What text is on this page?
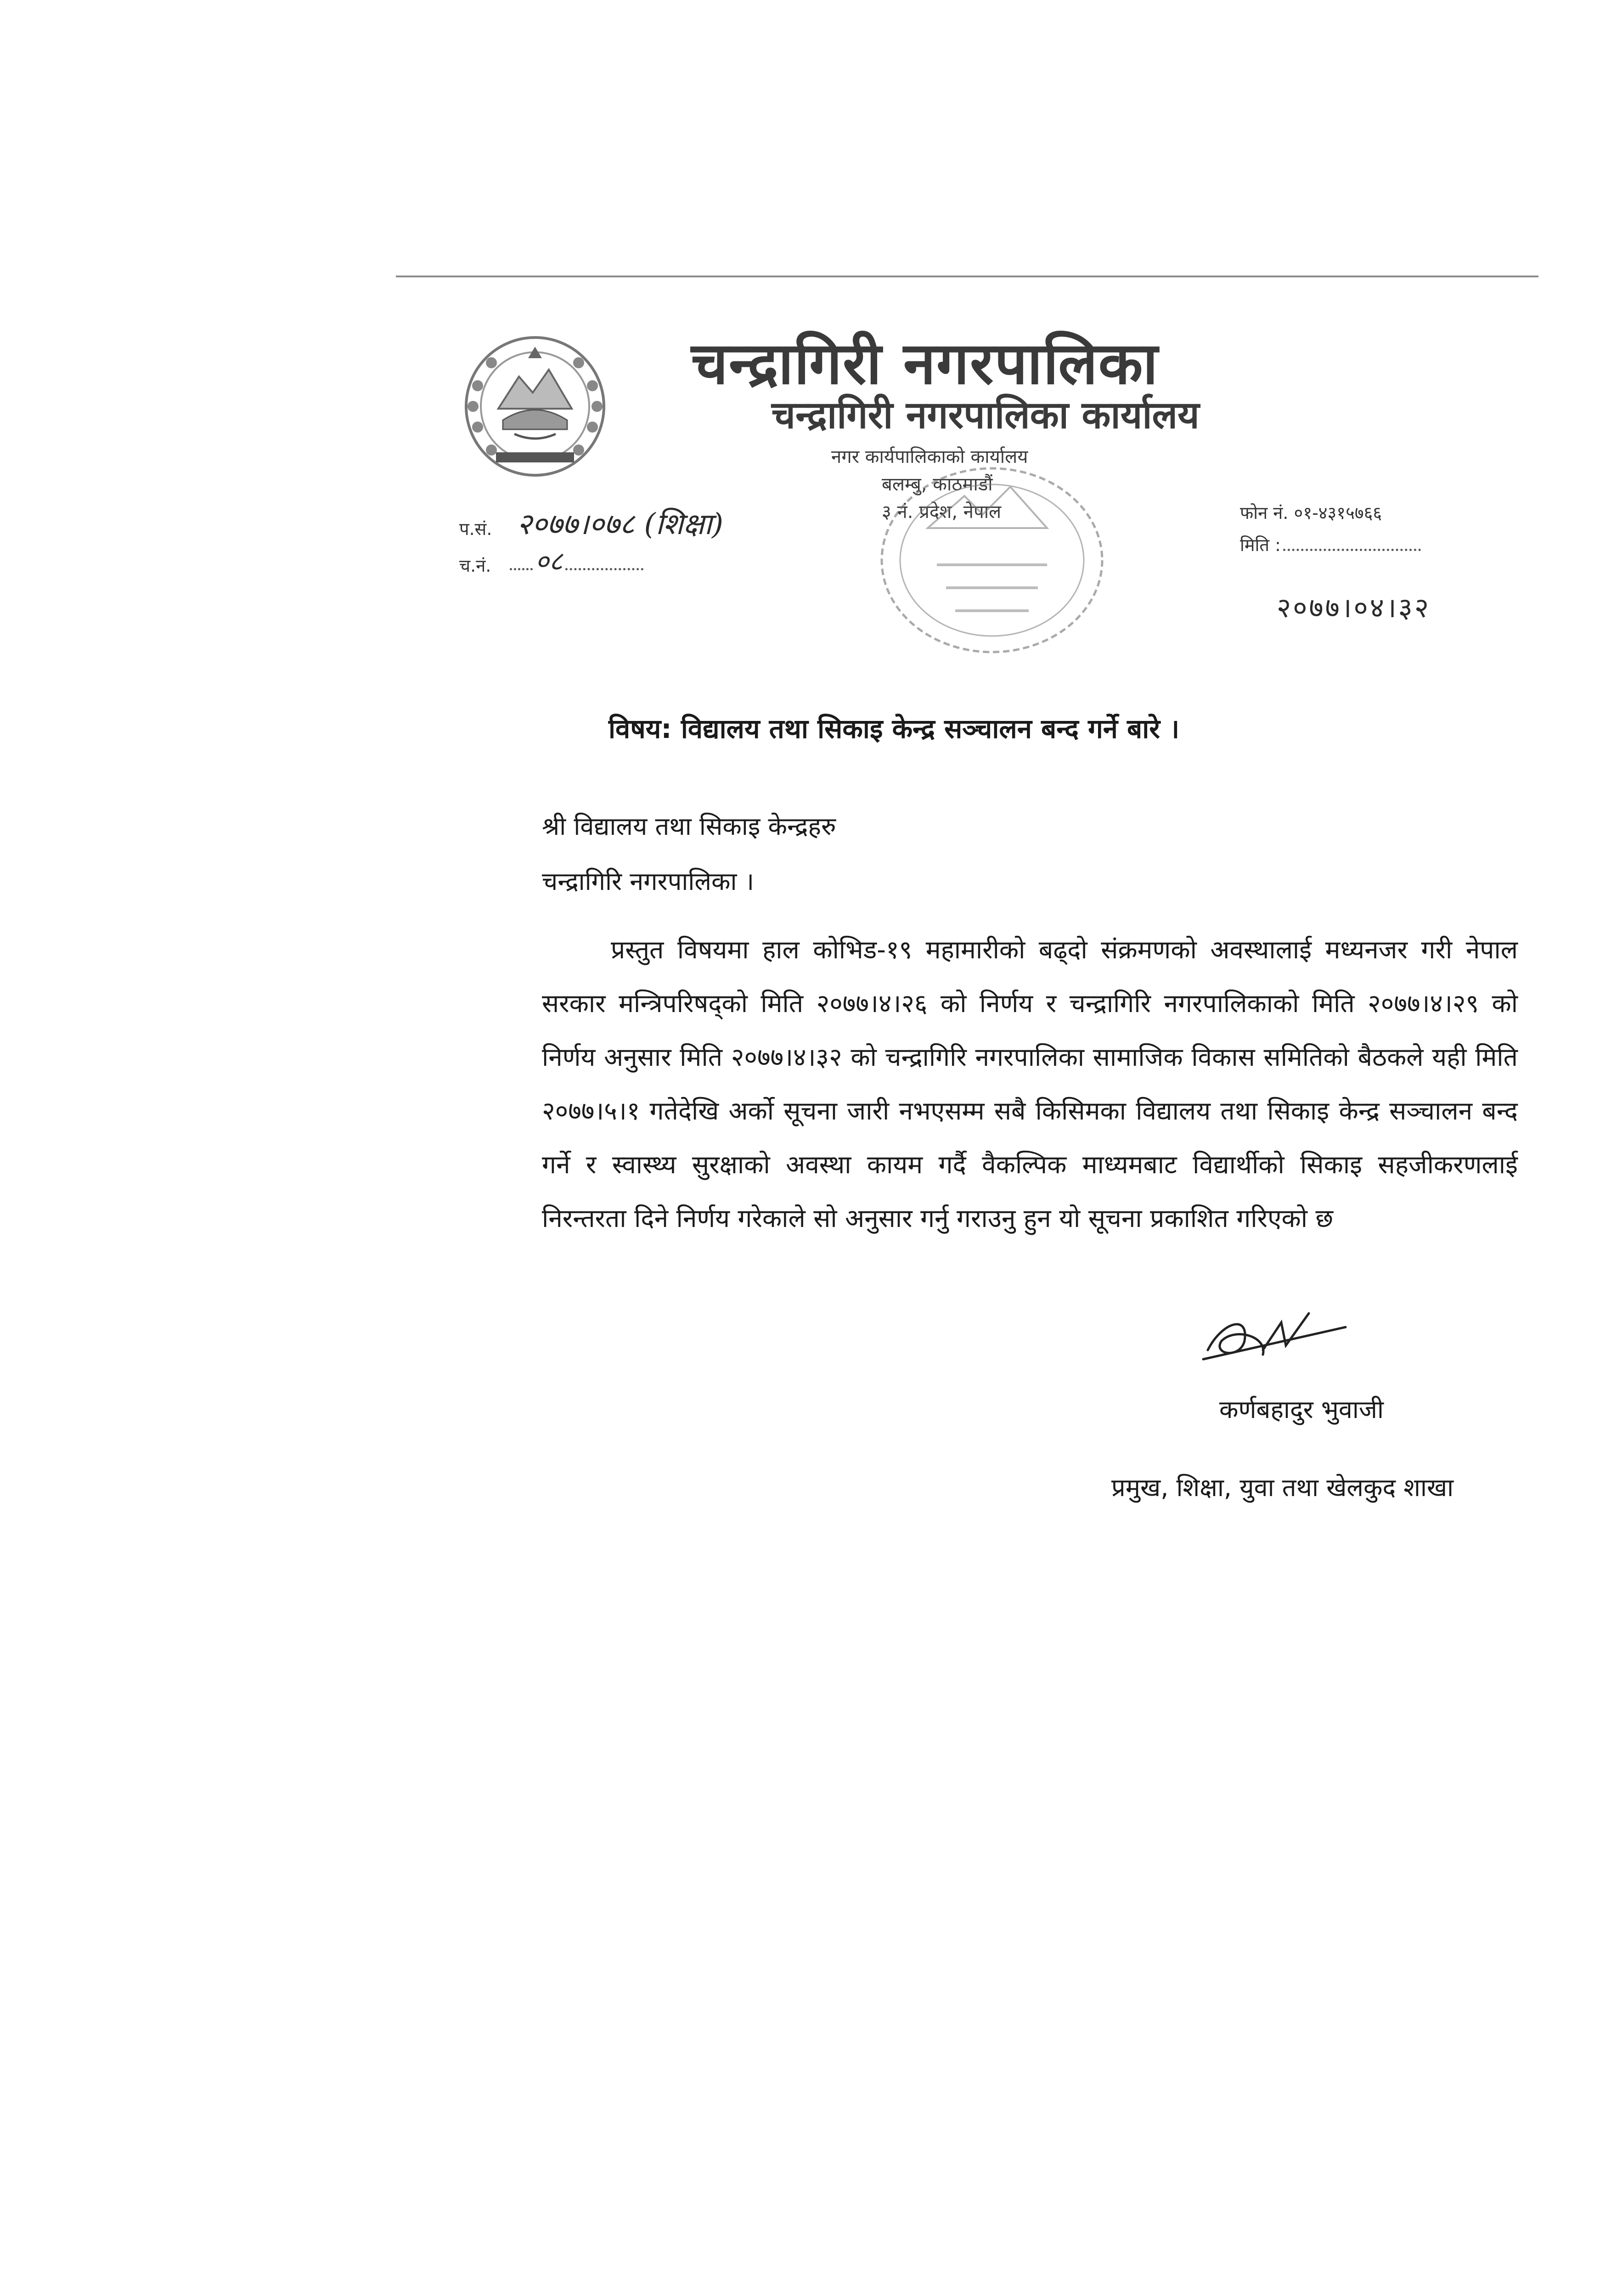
चन्द्रागिरी नगरपालिका
चन्द्रागिरी नगरपालिका कार्यालय
नगर कार्यपालिकाको कार्यालय
बलम्बु, काठमाडौं
३ नं. प्रदेश, नेपाल
प.सं. २०७७।०७८ (शिक्षा)
च.नं.	०८
फोन नं. ०१-४३१५७६६
मिति :
२०७७।०४।३२
विषय: विद्यालय तथा सिकाइ केन्द्र सञ्चालन बन्द गर्ने बारे ।
श्री विद्यालय तथा सिकाइ केन्द्रहरु
चन्द्रागिरि नगरपालिका ।
प्रस्तुत विषयमा हाल कोभिड-१९ महामारीको बढ्दो संक्रमणको अवस्थालाई मध्यनजर गरी नेपाल सरकार मन्त्रिपरिषद्को मिति २०७७।४।२६ को निर्णय र चन्द्रागिरि नगरपालिकाको मिति २०७७।४।२९ को निर्णय अनुसार मिति २०७७।४।३२ को चन्द्रागिरि नगरपालिका सामाजिक विकास समितिको बैठकले यही मिति २०७७।५।१ गतेदेखि अर्को सूचना जारी नभएसम्म सबै किसिमका विद्यालय तथा सिकाइ केन्द्र सञ्चालन बन्द गर्ने र स्वास्थ्य सुरक्षाको अवस्था कायम गर्दै वैकल्पिक माध्यमबाट विद्यार्थीको सिकाइ सहजीकरणलाई निरन्तरता दिने निर्णय गरेकाले सो अनुसार गर्नु गराउनु हुन यो सूचना प्रकाशित गरिएको छ
कर्णबहादुर भुवाजी
प्रमुख, शिक्षा, युवा तथा खेलकुद शाखा
